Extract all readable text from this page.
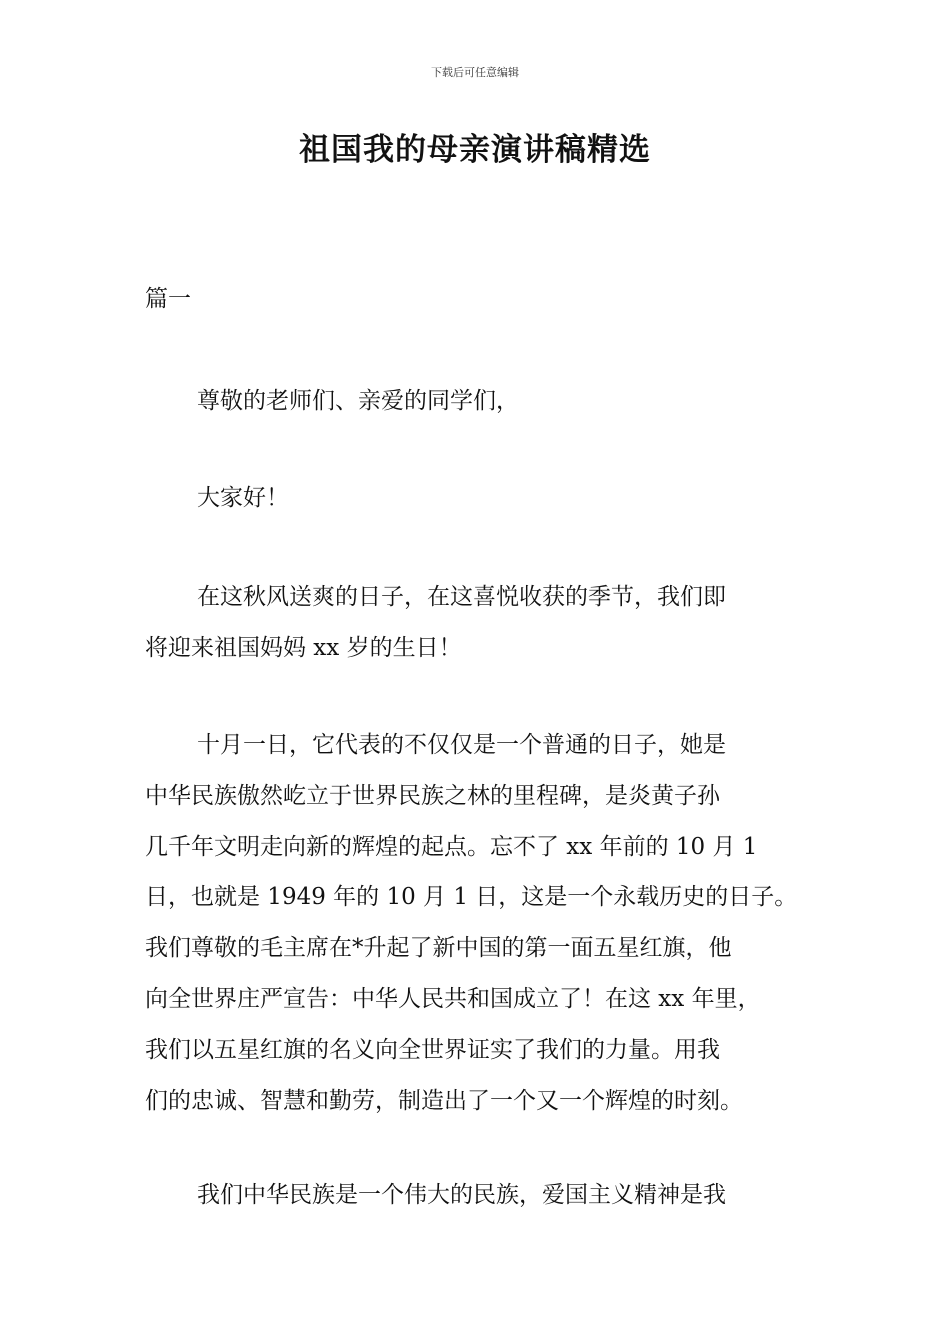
下载后可任意编辑
祖国我的母亲演讲稿精选
篇一

尊敬的老师们、亲爱的同学们，

大家好！

在这秋风送爽的日子，在这喜悦收获的季节，我们即
将迎来祖国妈妈 xx 岁的生日！

十月一日，它代表的不仅仅是一个普通的日子，她是
中华民族傲然屹立于世界民族之林的里程碑，是炎黄子孙
几千年文明走向新的辉煌的起点。忘不了 xx 年前的 10 月 1
日，也就是 1949 年的 10 月 1 日，这是一个永载历史的日子。
我们尊敬的毛主席在*升起了新中国的第一面五星红旗，他
向全世界庄严宣告：中华人民共和国成立了！在这 xx 年里，
我们以五星红旗的名义向全世界证实了我们的力量。用我
们的忠诚、智慧和勤劳，制造出了一个又一个辉煌的时刻。

我们中华民族是一个伟大的民族，爱国主义精神是我
